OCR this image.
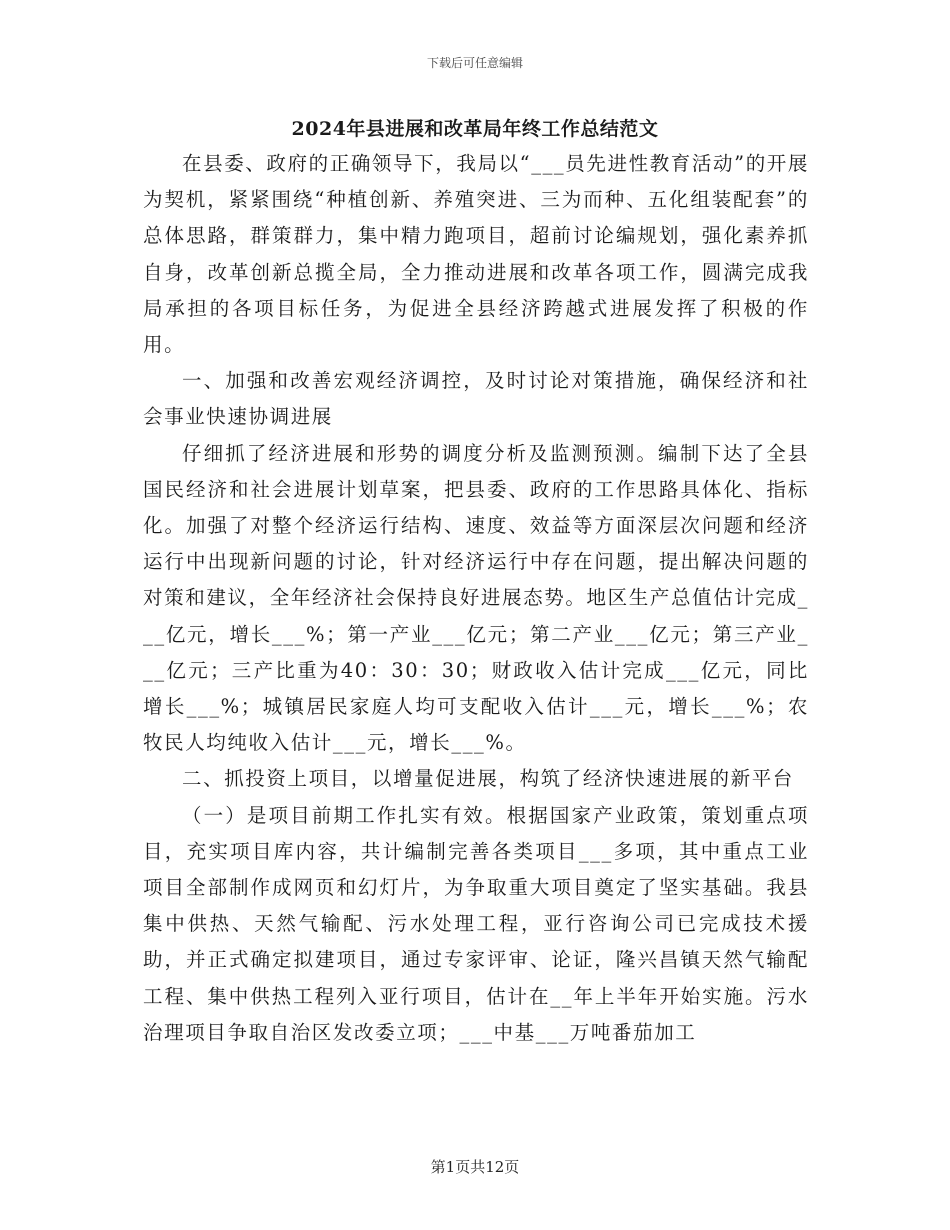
下载后可任意编辑
2024年县进展和改革局年终工作总结范文

在县委、政府的正确领导下，我局以“___员先进性教育活动”的开展为契机，紧紧围绕“种植创新、养殖突进、三为而种、五化组装配套”的总体思路，群策群力，集中精力跑项目，超前讨论编规划，强化素养抓自身，改革创新总揽全局，全力推动进展和改革各项工作，圆满完成我局承担的各项目标任务，为促进全县经济跨越式进展发挥了积极的作用。

一、加强和改善宏观经济调控，及时讨论对策措施，确保经济和社会事业快速协调进展

仔细抓了经济进展和形势的调度分析及监测预测。编制下达了全县国民经济和社会进展计划草案，把县委、政府的工作思路具体化、指标化。加强了对整个经济运行结构、速度、效益等方面深层次问题和经济运行中出现新问题的讨论，针对经济运行中存在问题，提出解决问题的对策和建议，全年经济社会保持良好进展态势。地区生产总值估计完成___亿元，增长___%；第一产业___亿元；第二产业___亿元；第三产业___亿元；三产比重为40：30：30；财政收入估计完成___亿元，同比增长___%；城镇居民家庭人均可支配收入估计___元，增长___%；农牧民人均纯收入估计___元，增长___%。

二、抓投资上项目，以增量促进展，构筑了经济快速进展的新平台

（一）是项目前期工作扎实有效。根据国家产业政策，策划重点项目，充实项目库内容，共计编制完善各类项目___多项，其中重点工业项目全部制作成网页和幻灯片，为争取重大项目奠定了坚实基础。我县集中供热、天然气输配、污水处理工程，亚行咨询公司已完成技术援助，并正式确定拟建项目，通过专家评审、论证，隆兴昌镇天然气输配工程、集中供热工程列入亚行项目，估计在__年上半年开始实施。污水治理项目争取自治区发改委立项；___中基___万吨番茄加工

第1页共12页
